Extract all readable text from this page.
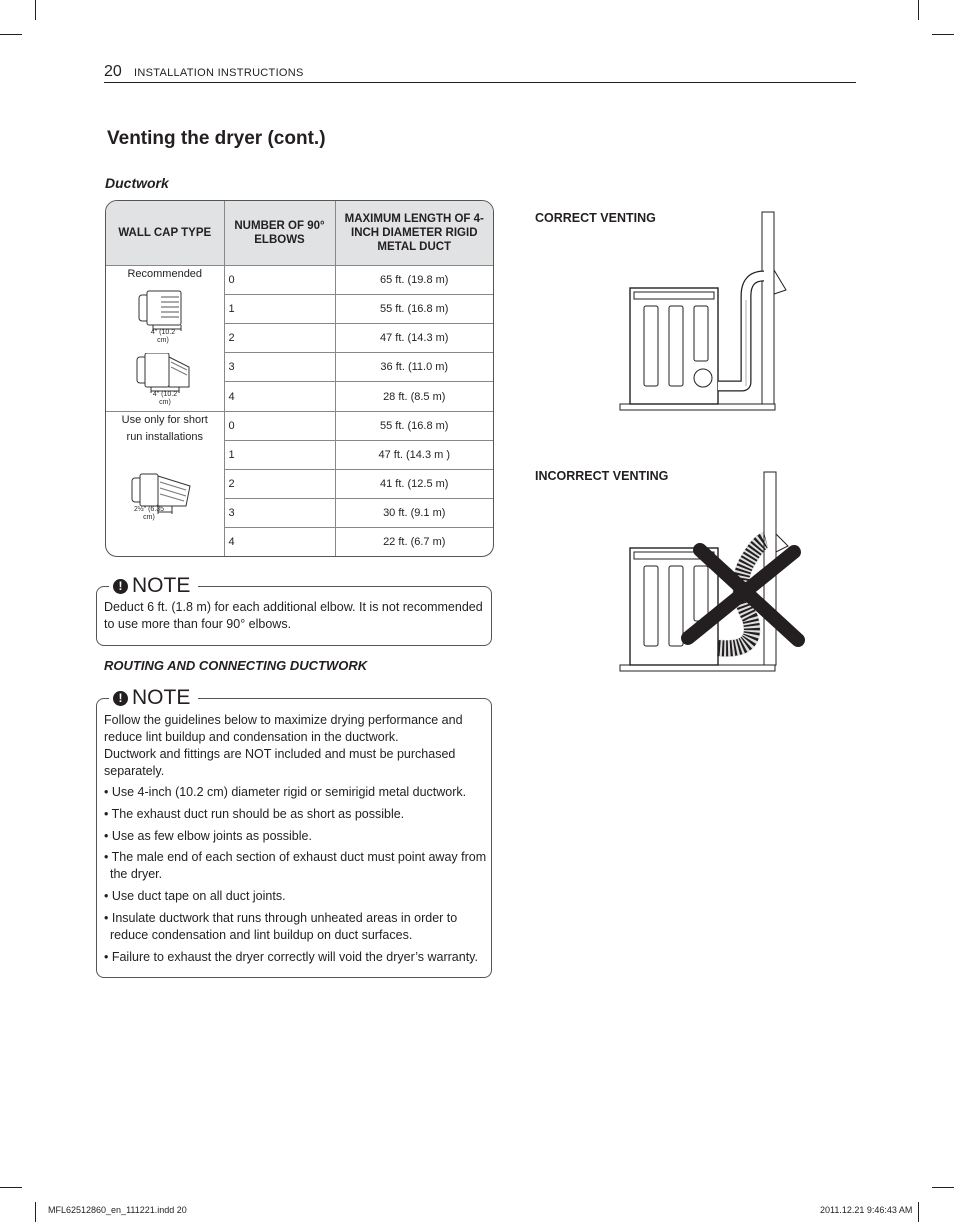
20 INSTALLATION INSTRUCTIONS
Venting the dryer (cont.)
Ductwork
WALL CAP TYPE	NUMBER OF 90° ELBOWS	MAXIMUM LENGTH OF 4-INCH DIAMETER RIGID METAL DUCT

Recommended
4" (10.2 cm)
4" (10.2 cm)	0	65 ft. (19.8 m)
	1	55 ft. (16.8 m)
	2	47 ft. (14.3 m)
	3	36 ft. (11.0 m)
	4	28 ft. (8.5 m)

Use only for short run installations
2½" (6.35 cm)	0	55 ft. (16.8 m)
	1	47 ft. (14.3 m )
	2	41 ft. (12.5 m)
	3	30 ft. (9.1 m)
	4	22 ft. (6.7 m)
! NOTE

Deduct 6 ft. (1.8 m) for each additional elbow. It is not recommended to use more than four 90° elbows.

ROUTING AND CONNECTING DUCTWORK
! NOTE

Follow the guidelines below to maximize drying performance and reduce lint buildup and condensation in the ductwork.

Ductwork and fittings are NOT included and must be purchased separately.

• Use 4-inch (10.2 cm) diameter rigid or semirigid metal ductwork.

• The exhaust duct run should be as short as possible.

• Use as few elbow joints as possible.

• The male end of each section of exhaust duct must point away from the dryer.

• Use duct tape on all duct joints.

• Insulate ductwork that runs through unheated areas in order to reduce condensation and lint buildup on duct surfaces.

• Failure to exhaust the dryer correctly will void the dryer’s warranty.

CORRECT VENTING
INCORRECT VENTING
MFL62512860_en_111221.indd 20	2011.12.21 9:46:43 AM
